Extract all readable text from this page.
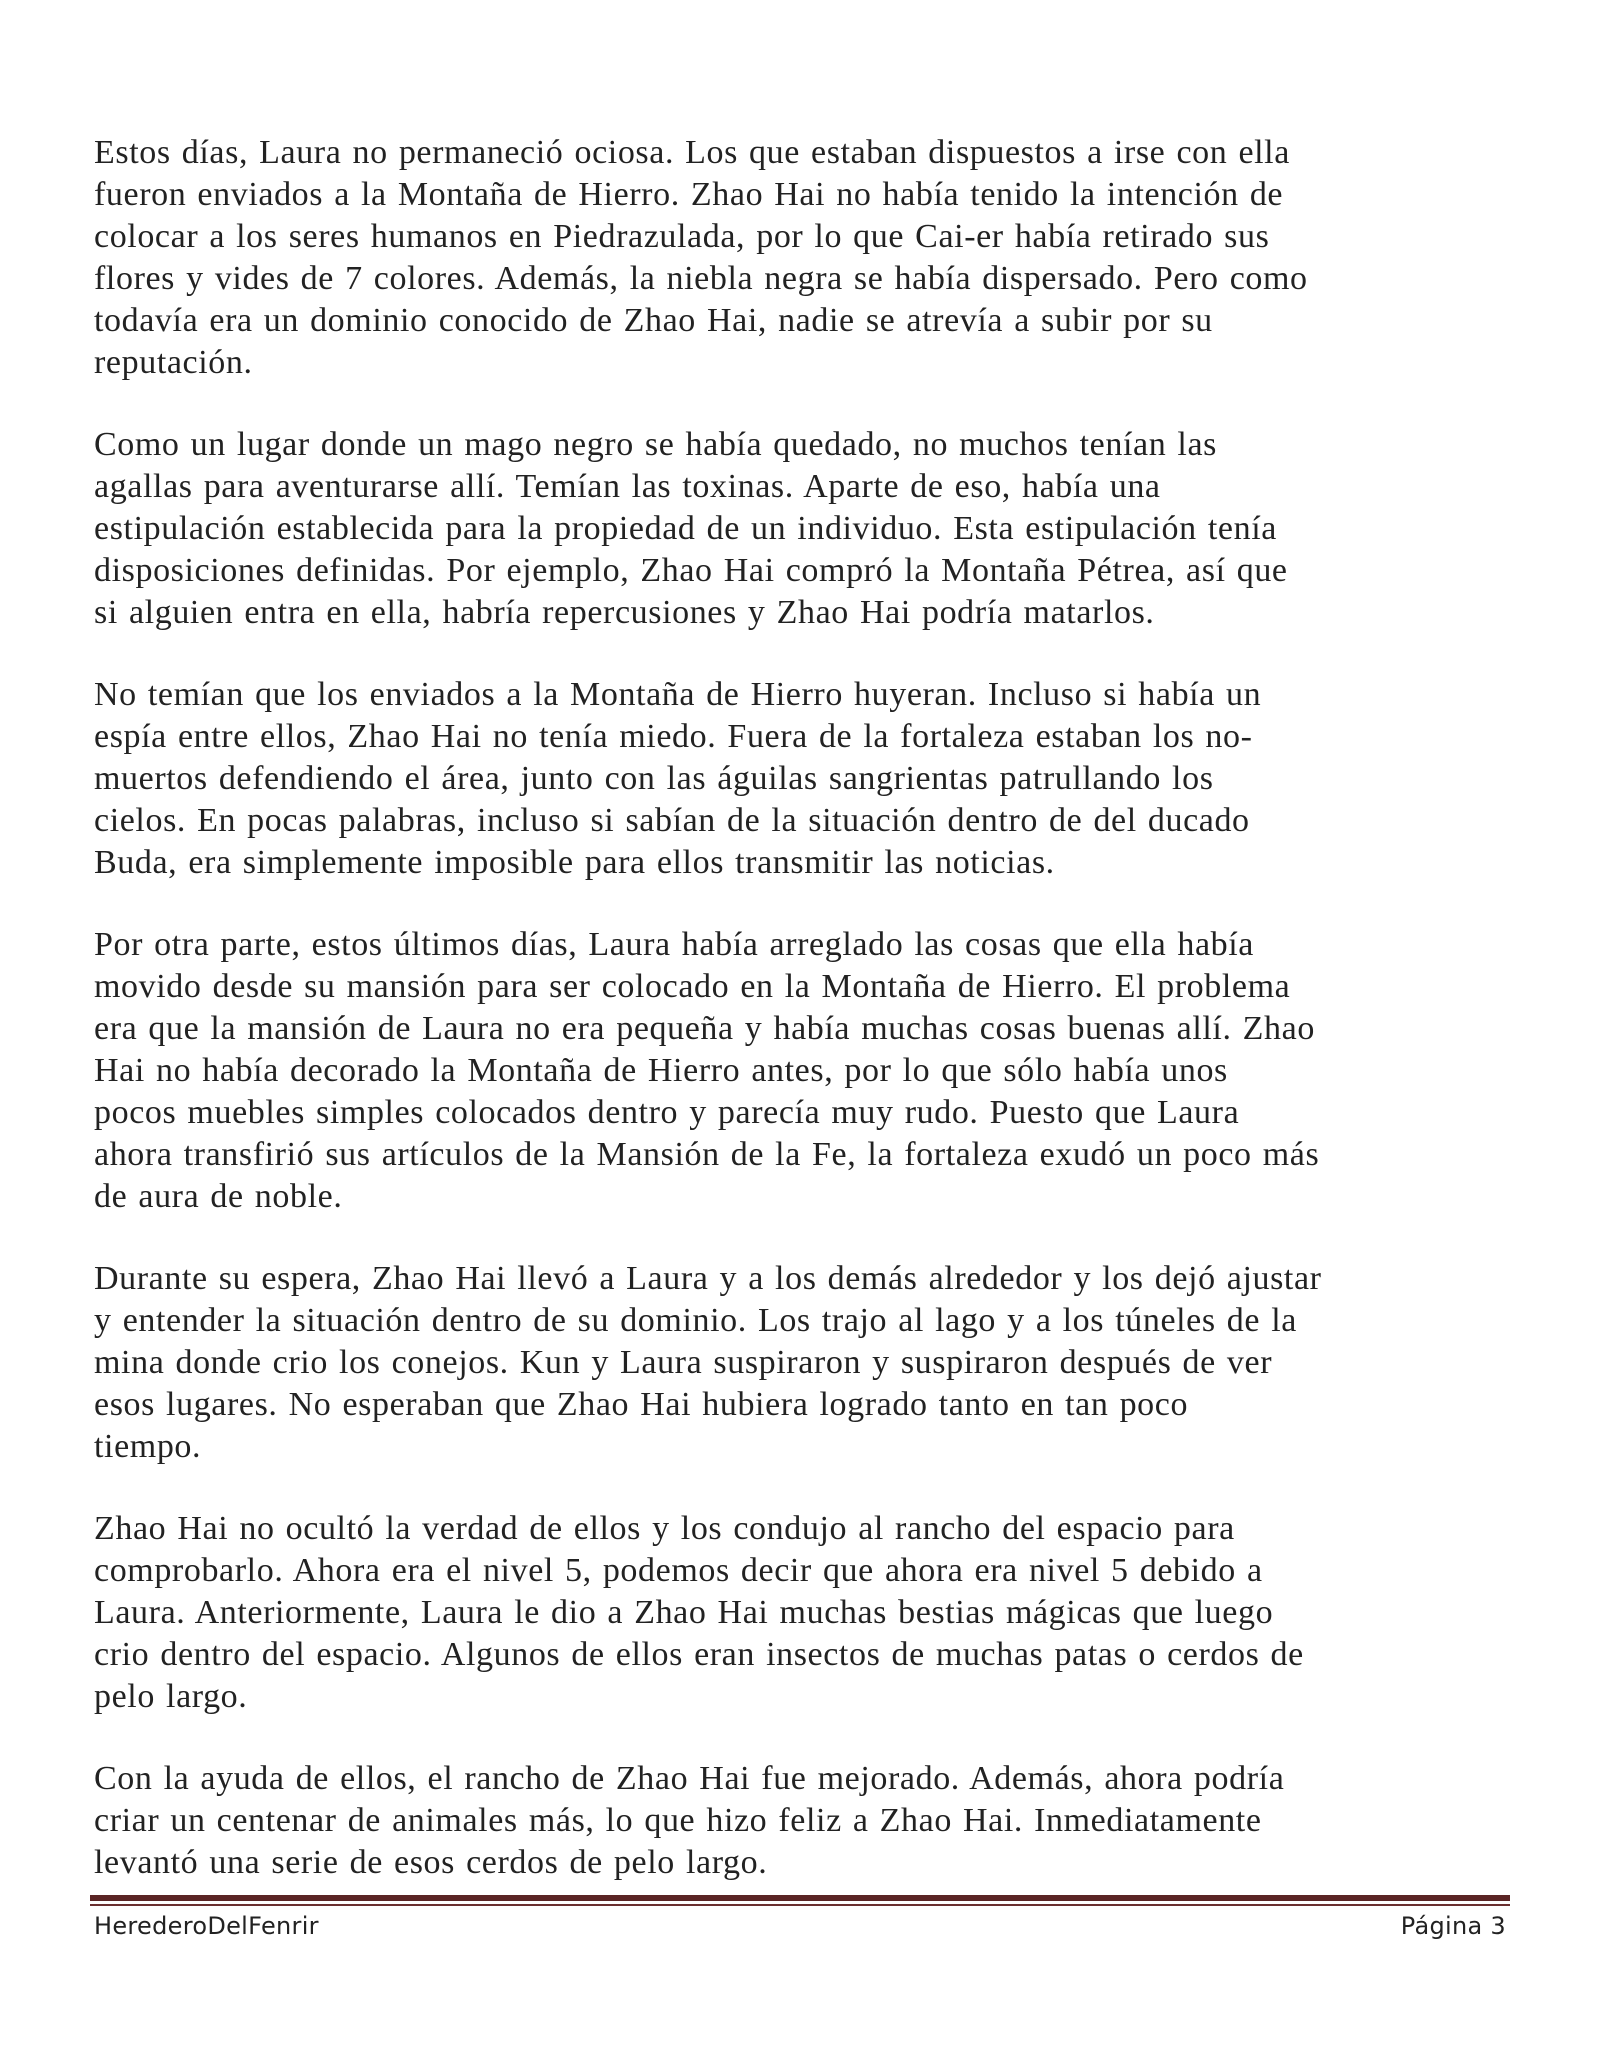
Estos días, Laura no permaneció ociosa. Los que estaban dispuestos a irse con ella
fueron enviados a la Montaña de Hierro. Zhao Hai no había tenido la intención de
colocar a los seres humanos en Piedrazulada, por lo que Cai-er había retirado sus
flores y vides de 7 colores. Además, la niebla negra se había dispersado. Pero como
todavía era un dominio conocido de Zhao Hai, nadie se atrevía a subir por su
reputación.

Como un lugar donde un mago negro se había quedado, no muchos tenían las
agallas para aventurarse allí. Temían las toxinas. Aparte de eso, había una
estipulación establecida para la propiedad de un individuo. Esta estipulación tenía
disposiciones definidas. Por ejemplo, Zhao Hai compró la Montaña Pétrea, así que
si alguien entra en ella, habría repercusiones y Zhao Hai podría matarlos.

No temían que los enviados a la Montaña de Hierro huyeran. Incluso si había un
espía entre ellos, Zhao Hai no tenía miedo. Fuera de la fortaleza estaban los no-
muertos defendiendo el área, junto con las águilas sangrientas patrullando los
cielos. En pocas palabras, incluso si sabían de la situación dentro de del ducado
Buda, era simplemente imposible para ellos transmitir las noticias.

Por otra parte, estos últimos días, Laura había arreglado las cosas que ella había
movido desde su mansión para ser colocado en la Montaña de Hierro. El problema
era que la mansión de Laura no era pequeña y había muchas cosas buenas allí. Zhao
Hai no había decorado la Montaña de Hierro antes, por lo que sólo había unos
pocos muebles simples colocados dentro y parecía muy rudo. Puesto que Laura
ahora transfirió sus artículos de la Mansión de la Fe, la fortaleza exudó un poco más
de aura de noble.

Durante su espera, Zhao Hai llevó a Laura y a los demás alrededor y los dejó ajustar
y entender la situación dentro de su dominio. Los trajo al lago y a los túneles de la
mina donde crio los conejos. Kun y Laura suspiraron y suspiraron después de ver
esos lugares. No esperaban que Zhao Hai hubiera logrado tanto en tan poco
tiempo.

Zhao Hai no ocultó la verdad de ellos y los condujo al rancho del espacio para
comprobarlo. Ahora era el nivel 5, podemos decir que ahora era nivel 5 debido a
Laura. Anteriormente, Laura le dio a Zhao Hai muchas bestias mágicas que luego
crio dentro del espacio. Algunos de ellos eran insectos de muchas patas o cerdos de
pelo largo.

Con la ayuda de ellos, el rancho de Zhao Hai fue mejorado. Además, ahora podría
criar un centenar de animales más, lo que hizo feliz a Zhao Hai. Inmediatamente
levantó una serie de esos cerdos de pelo largo.

HerederoDelFenrir	Página 3
